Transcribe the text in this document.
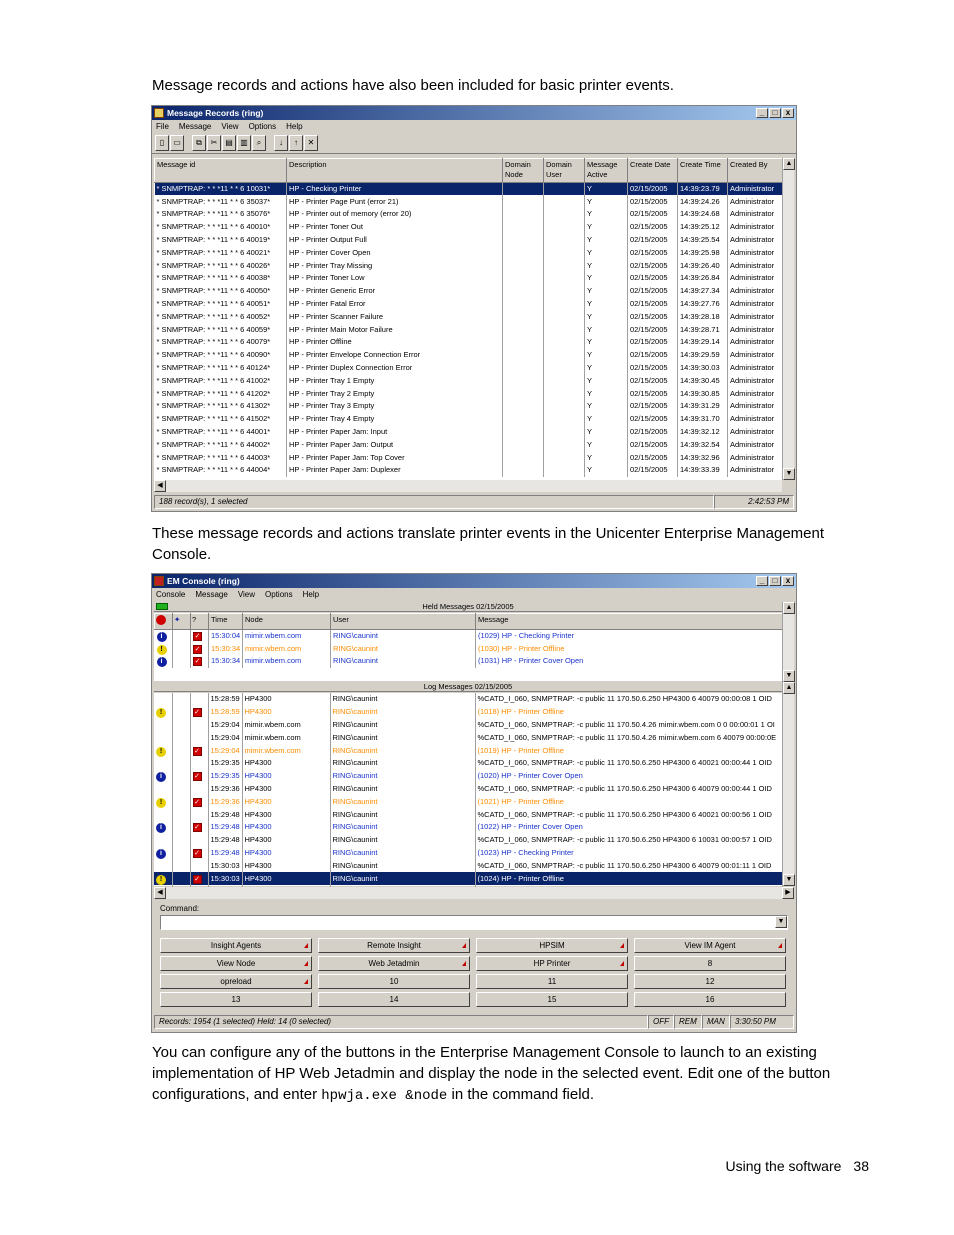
Message records and actions have also been included for basic printer events.

These message records and actions translate printer events in the Unicenter Enterprise Management Console.

You can configure any of the buttons in the Enterprise Management Console to launch to an existing implementation of HP Web Jetadmin and display the node in the selected event. Edit one of the button configurations, and enter hpwja.exe &node in the command field.

Using the software 38
Message Records (ring)	_	□	x
File Message View Options Help
▯	▭	⧉	✂ ▤ ▥	⌕	↓	↑	✕
Message id	Description	Domain Node	Domain User	Message Active	Create Date	Create Time	Created By
* SNMPTRAP: * * *11 * * 6 10031*	HP - Checking Printer			Y	02/15/2005	14:39:23.79	Administrator
* SNMPTRAP: * * *11 * * 6 35037*	HP - Printer Page Punt (error 21)			Y	02/15/2005	14:39:24.26	Administrator
* SNMPTRAP: * * *11 * * 6 35076*	HP - Printer out of memory (error 20)			Y	02/15/2005	14:39:24.68	Administrator
* SNMPTRAP: * * *11 * * 6 40010*	HP - Printer Toner Out			Y	02/15/2005	14:39:25.12	Administrator
* SNMPTRAP: * * *11 * * 6 40019*	HP - Printer Output Full			Y	02/15/2005	14:39:25.54	Administrator
* SNMPTRAP: * * *11 * * 6 40021*	HP - Printer Cover Open			Y	02/15/2005	14:39:25.98	Administrator
* SNMPTRAP: * * *11 * * 6 40026*	HP - Printer Tray Missing			Y	02/15/2005	14:39:26.40	Administrator
* SNMPTRAP: * * *11 * * 6 40038*	HP - Printer Toner Low			Y	02/15/2005	14:39:26.84	Administrator
* SNMPTRAP: * * *11 * * 6 40050*	HP - Printer Generic Error			Y	02/15/2005	14:39:27.34	Administrator
* SNMPTRAP: * * *11 * * 6 40051*	HP - Printer Fatal Error			Y	02/15/2005	14:39:27.76	Administrator
* SNMPTRAP: * * *11 * * 6 40052*	HP - Printer Scanner Failure			Y	02/15/2005	14:39:28.18	Administrator
* SNMPTRAP: * * *11 * * 6 40059*	HP - Printer Main Motor Failure			Y	02/15/2005	14:39:28.71	Administrator
* SNMPTRAP: * * *11 * * 6 40079*	HP - Printer Offline			Y	02/15/2005	14:39:29.14	Administrator
* SNMPTRAP: * * *11 * * 6 40090*	HP - Printer Envelope Connection Error			Y	02/15/2005	14:39:29.59	Administrator
* SNMPTRAP: * * *11 * * 6 40124*	HP - Printer Duplex Connection Error			Y	02/15/2005	14:39:30.03	Administrator
* SNMPTRAP: * * *11 * * 6 41002*	HP - Printer Tray 1 Empty			Y	02/15/2005	14:39:30.45	Administrator
* SNMPTRAP: * * *11 * * 6 41202*	HP - Printer Tray 2 Empty			Y	02/15/2005	14:39:30.85	Administrator
* SNMPTRAP: * * *11 * * 6 41302*	HP - Printer Tray 3 Empty			Y	02/15/2005	14:39:31.29	Administrator
* SNMPTRAP: * * *11 * * 6 41502*	HP - Printer Tray 4 Empty			Y	02/15/2005	14:39:31.70	Administrator
* SNMPTRAP: * * *11 * * 6 44001*	HP - Printer Paper Jam: Input			Y	02/15/2005	14:39:32.12	Administrator
* SNMPTRAP: * * *11 * * 6 44002*	HP - Printer Paper Jam: Output			Y	02/15/2005	14:39:32.54	Administrator
* SNMPTRAP: * * *11 * * 6 44003*	HP - Printer Paper Jam: Top Cover			Y	02/15/2005	14:39:32.96	Administrator
* SNMPTRAP: * * *11 * * 6 44004*	HP - Printer Paper Jam: Duplexer			Y	02/15/2005	14:39:33.39	Administrator
▲
▼
◀
188 record(s), 1 selected	2:42:53 PM
EM Console (ring)	_	□	x
Console Message View Options Help
Held Messages 02/15/2005
	✦	?	Time	Node	User	Message
i		✓	15:30:04	mimir.wbem.com	RING\caunint	(1029) HP - Checking Printer
!		✓	15:30:34	mimir.wbem.com	RING\caunint	(1030) HP - Printer Offline
i		✓	15:30:34	mimir.wbem.com	RING\caunint	(1031) HP - Printer Cover Open
▲
▼
Log Messages 02/15/2005
			15:28:59	HP4300	RING\caunint	%CATD_I_060, SNMPTRAP: -c public 11 170.50.6.250 HP4300 6 40079 00:00:08 1 OID
!		✓	15:28:59	HP4300	RING\caunint	(1018) HP - Printer Offline
			15:29:04	mimir.wbem.com	RING\caunint	%CATD_I_060, SNMPTRAP: -c public 11 170.50.4.26 mimir.wbem.com 0 0 00:00:01 1 OI
			15:29:04	mimir.wbem.com	RING\caunint	%CATD_I_060, SNMPTRAP: -c public 11 170.50.4.26 mimir.wbem.com 6 40079 00:00:0E
!		✓	15:29:04	mimir.wbem.com	RING\caunint	(1019) HP - Printer Offline
			15:29:35	HP4300	RING\caunint	%CATD_I_060, SNMPTRAP: -c public 11 170.50.6.250 HP4300 6 40021 00:00:44 1 OID
i		✓	15:29:35	HP4300	RING\caunint	(1020) HP - Printer Cover Open
			15:29:36	HP4300	RING\caunint	%CATD_I_060, SNMPTRAP: -c public 11 170.50.6.250 HP4300 6 40079 00:00:44 1 OID
!		✓	15:29:36	HP4300	RING\caunint	(1021) HP - Printer Offline
			15:29:48	HP4300	RING\caunint	%CATD_I_060, SNMPTRAP: -c public 11 170.50.6.250 HP4300 6 40021 00:00:56 1 OID
i		✓	15:29:48	HP4300	RING\caunint	(1022) HP - Printer Cover Open
			15:29:48	HP4300	RING\caunint	%CATD_I_060, SNMPTRAP: -c public 11 170.50.6.250 HP4300 6 10031 00:00:57 1 OID
i		✓	15:29:48	HP4300	RING\caunint	(1023) HP - Checking Printer
			15:30:03	HP4300	RING\caunint	%CATD_I_060, SNMPTRAP: -c public 11 170.50.6.250 HP4300 6 40079 00:01:11 1 OID
!		✓	15:30:03	HP4300	RING\caunint	(1024) HP - Printer Offline

▲
▼
◀	▶
Command:
▼
Insight Agents	Remote Insight	HPSIM	View IM Agent
View Node	Web Jetadmin	HP Printer	8
opreload	10	11	12
13	14	15	16
Records: 1954 (1 selected) Held: 14 (0 selected)	OFF	REM	MAN	3:30:50 PM
